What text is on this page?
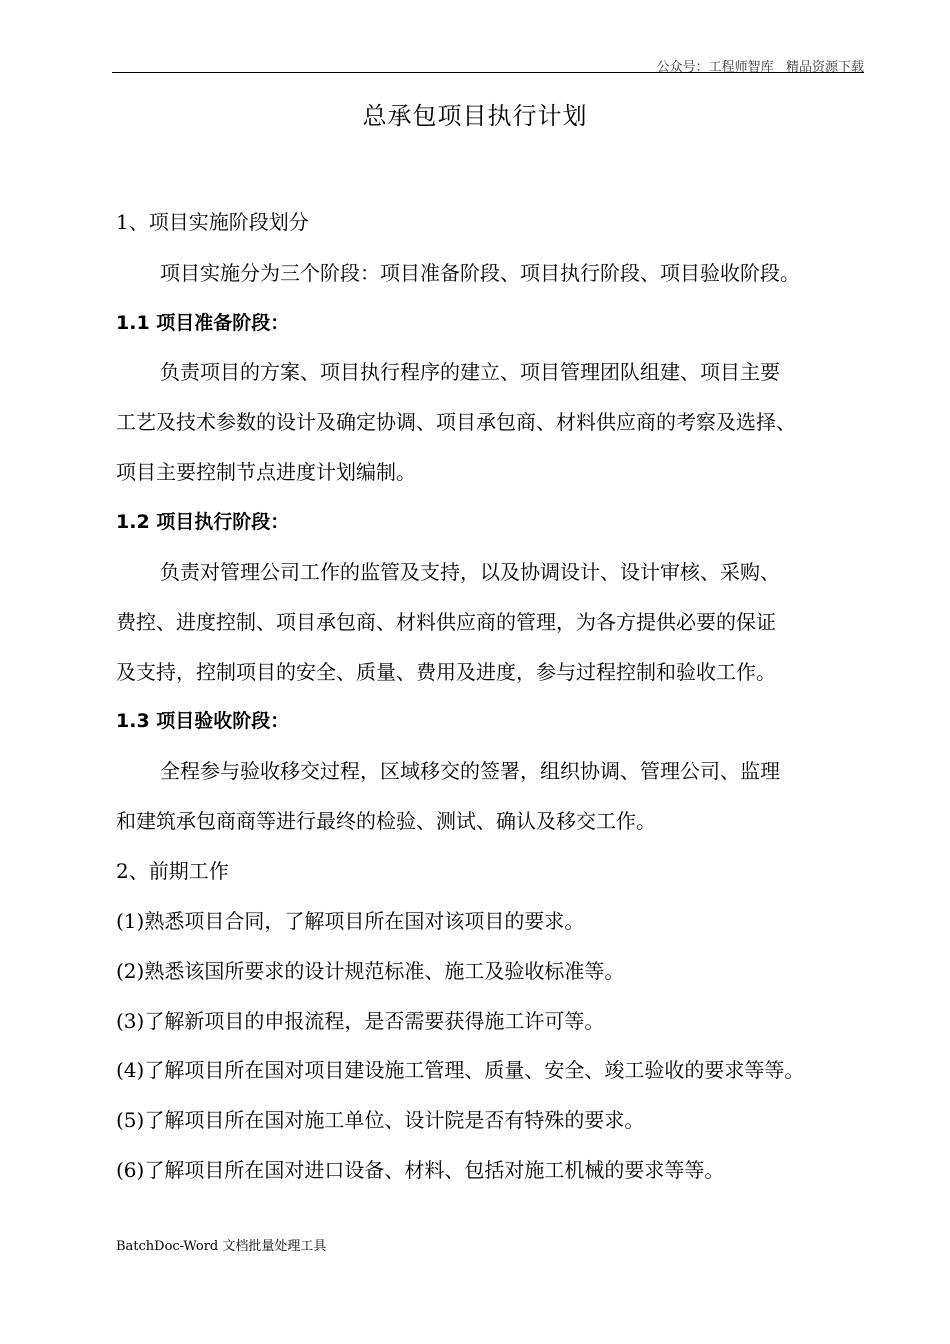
公众号：工程师智库   精品资源下载
总承包项目执行计划
1、项目实施阶段划分
项目实施分为三个阶段：项目准备阶段、项目执行阶段、项目验收阶段。
1.1 项目准备阶段：
负责项目的方案、项目执行程序的建立、项目管理团队组建、项目主要
工艺及技术参数的设计及确定协调、项目承包商、材料供应商的考察及选择、
项目主要控制节点进度计划编制。
1.2 项目执行阶段：
负责对管理公司工作的监管及支持，以及协调设计、设计审核、采购、
费控、进度控制、项目承包商、材料供应商的管理，为各方提供必要的保证
及支持，控制项目的安全、质量、费用及进度，参与过程控制和验收工作。
1.3 项目验收阶段：
全程参与验收移交过程，区域移交的签署，组织协调、管理公司、监理
和建筑承包商商等进行最终的检验、测试、确认及移交工作。
2、前期工作
(1)熟悉项目合同，了解项目所在国对该项目的要求。
(2)熟悉该国所要求的设计规范标准、施工及验收标准等。
(3)了解新项目的申报流程，是否需要获得施工许可等。
(4)了解项目所在国对项目建设施工管理、质量、安全、竣工验收的要求等等。
(5)了解项目所在国对施工单位、设计院是否有特殊的要求。
(6)了解项目所在国对进口设备、材料、包括对施工机械的要求等等。
BatchDoc-Word 文档批量处理工具
